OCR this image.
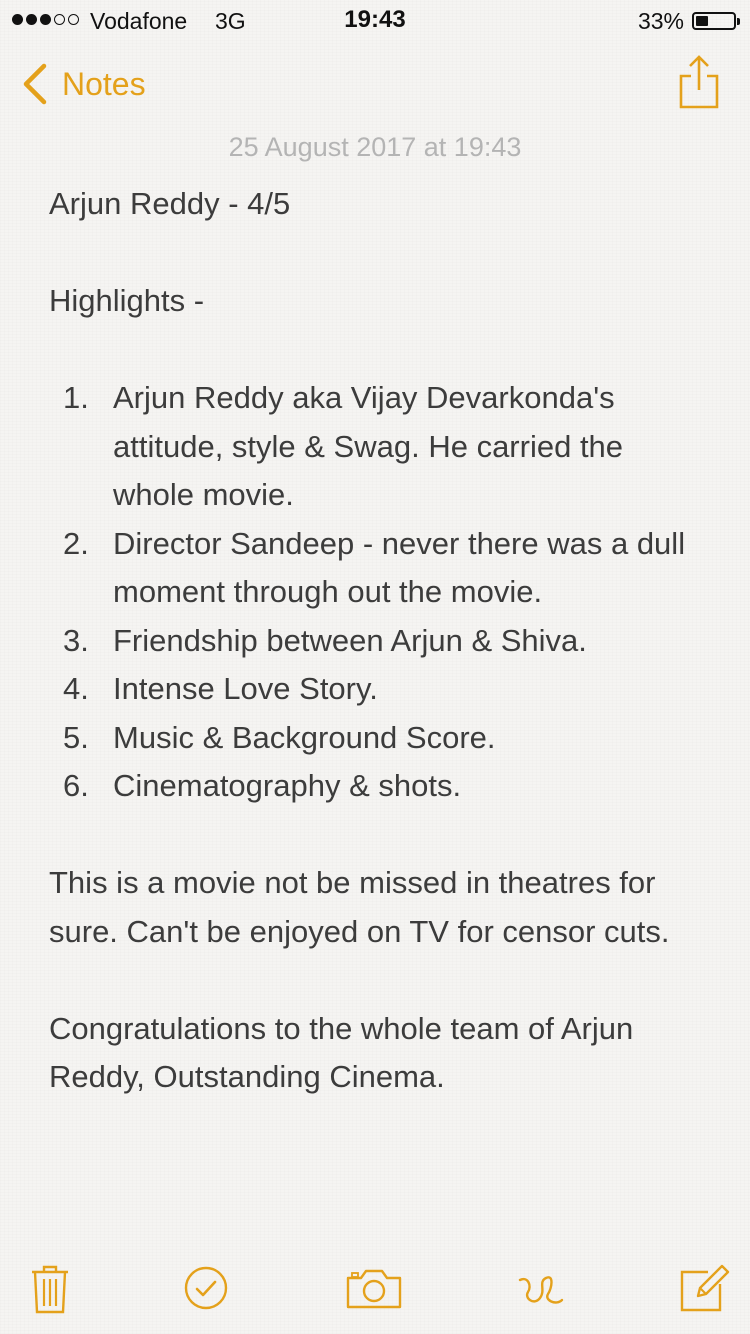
Vodafone 3G	19:43	33%
Notes
25 August 2017 at 19:43

Arjun Reddy - 4/5

Highlights -

1. Arjun Reddy aka Vijay Devarkonda's attitude, style & Swag. He carried the whole movie.
2. Director Sandeep - never there was a dull moment through out the movie.
3. Friendship between Arjun & Shiva.
4. Intense Love Story.
5. Music & Background Score.
6. Cinematography & shots.

This is a movie not be missed in theatres for sure. Can't be enjoyed on TV for censor cuts.

Congratulations to the whole team of Arjun Reddy, Outstanding Cinema.
